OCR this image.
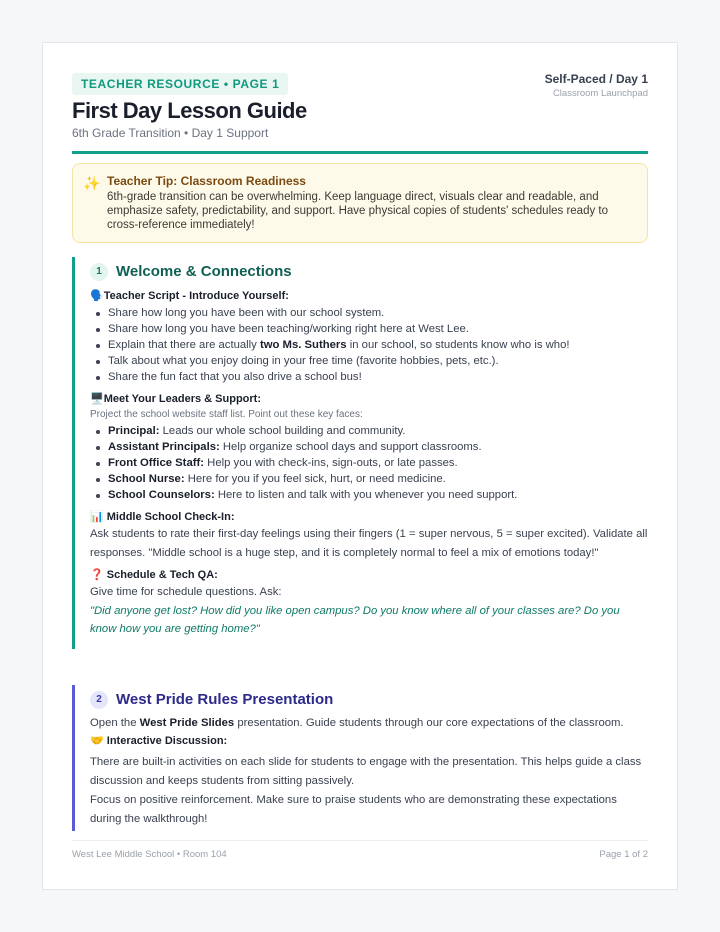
TEACHER RESOURCE • PAGE 1	Self-Paced / Day 1
Classroom Launchpad
First Day Lesson Guide
6th Grade Transition • Day 1 Support
✨ Teacher Tip: Classroom Readiness
6th-grade transition can be overwhelming. Keep language direct, visuals clear and readable, and emphasize safety, predictability, and support. Have physical copies of students' schedules ready to cross-reference immediately!
1 Welcome & Connections
🗣️Teacher Script - Introduce Yourself:
Share how long you have been with our school system.
Share how long you have been teaching/working right here at West Lee.
Explain that there are actually two Ms. Suthers in our school, so students know who is who!
Talk about what you enjoy doing in your free time (favorite hobbies, pets, etc.).
Share the fun fact that you also drive a school bus!
🖥️Meet Your Leaders & Support:
Project the school website staff list. Point out these key faces:
Principal: Leads our whole school building and community.
Assistant Principals: Help organize school days and support classrooms.
Front Office Staff: Help you with check-ins, sign-outs, or late passes.
School Nurse: Here for you if you feel sick, hurt, or need medicine.
School Counselors: Here to listen and talk with you whenever you need support.
📊 Middle School Check-In:
Ask students to rate their first-day feelings using their fingers (1 = super nervous, 5 = super excited). Validate all responses. "Middle school is a huge step, and it is completely normal to feel a mix of emotions today!"
❓ Schedule & Tech QA:
Give time for schedule questions. Ask:
"Did anyone get lost? How did you like open campus? Do you know where all of your classes are? Do you know how you are getting home?"
2 West Pride Rules Presentation
Open the West Pride Slides presentation. Guide students through our core expectations of the classroom.
🤝 Interactive Discussion:
There are built-in activities on each slide for students to engage with the presentation. This helps guide a class discussion and keeps students from sitting passively.
Focus on positive reinforcement. Make sure to praise students who are demonstrating these expectations during the walkthrough!
West Lee Middle School • Room 104	Page 1 of 2
